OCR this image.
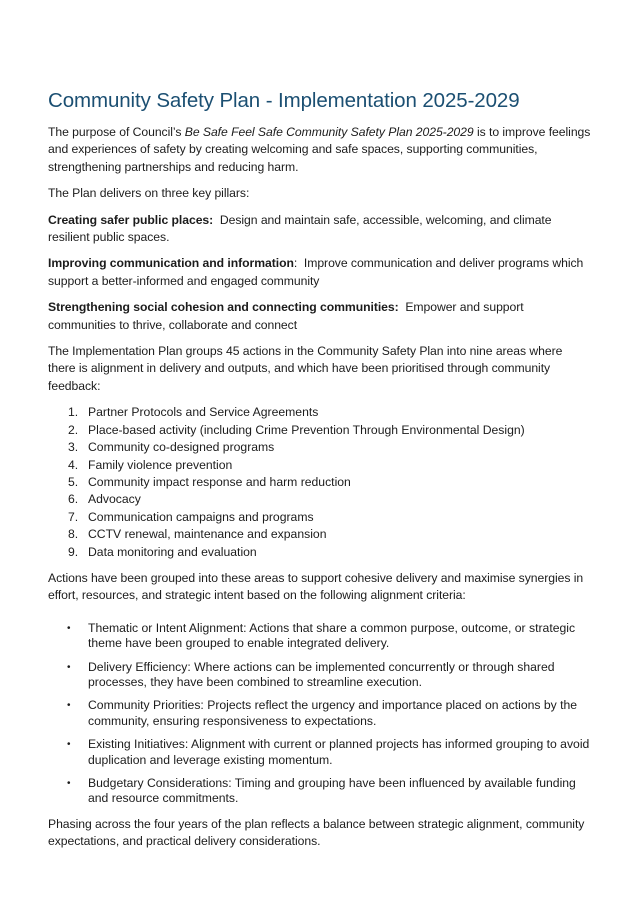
Community Safety Plan - Implementation 2025-2029

The purpose of Council’s Be Safe Feel Safe Community Safety Plan 2025-2029 is to improve feelings and experiences of safety by creating welcoming and safe spaces, supporting communities, strengthening partnerships and reducing harm.

The Plan delivers on three key pillars:

Creating safer public places:  Design and maintain safe, accessible, welcoming, and climate resilient public spaces.

Improving communication and information:  Improve communication and deliver programs which support a better-informed and engaged community

Strengthening social cohesion and connecting communities:  Empower and support communities to thrive, collaborate and connect

The Implementation Plan groups 45 actions in the Community Safety Plan into nine areas where there is alignment in delivery and outputs, and which have been prioritised through community feedback:

1. Partner Protocols and Service Agreements
2. Place-based activity (including Crime Prevention Through Environmental Design)
3. Community co-designed programs
4. Family violence prevention
5. Community impact response and harm reduction
6. Advocacy
7. Communication campaigns and programs
8. CCTV renewal, maintenance and expansion
9. Data monitoring and evaluation

Actions have been grouped into these areas to support cohesive delivery and maximise synergies in effort, resources, and strategic intent based on the following alignment criteria:

• Thematic or Intent Alignment: Actions that share a common purpose, outcome, or strategic theme have been grouped to enable integrated delivery.
• Delivery Efficiency: Where actions can be implemented concurrently or through shared processes, they have been combined to streamline execution.
• Community Priorities: Projects reflect the urgency and importance placed on actions by the community, ensuring responsiveness to expectations.
• Existing Initiatives: Alignment with current or planned projects has informed grouping to avoid duplication and leverage existing momentum.
• Budgetary Considerations: Timing and grouping have been influenced by available funding and resource commitments.

Phasing across the four years of the plan reflects a balance between strategic alignment, community expectations, and practical delivery considerations.
